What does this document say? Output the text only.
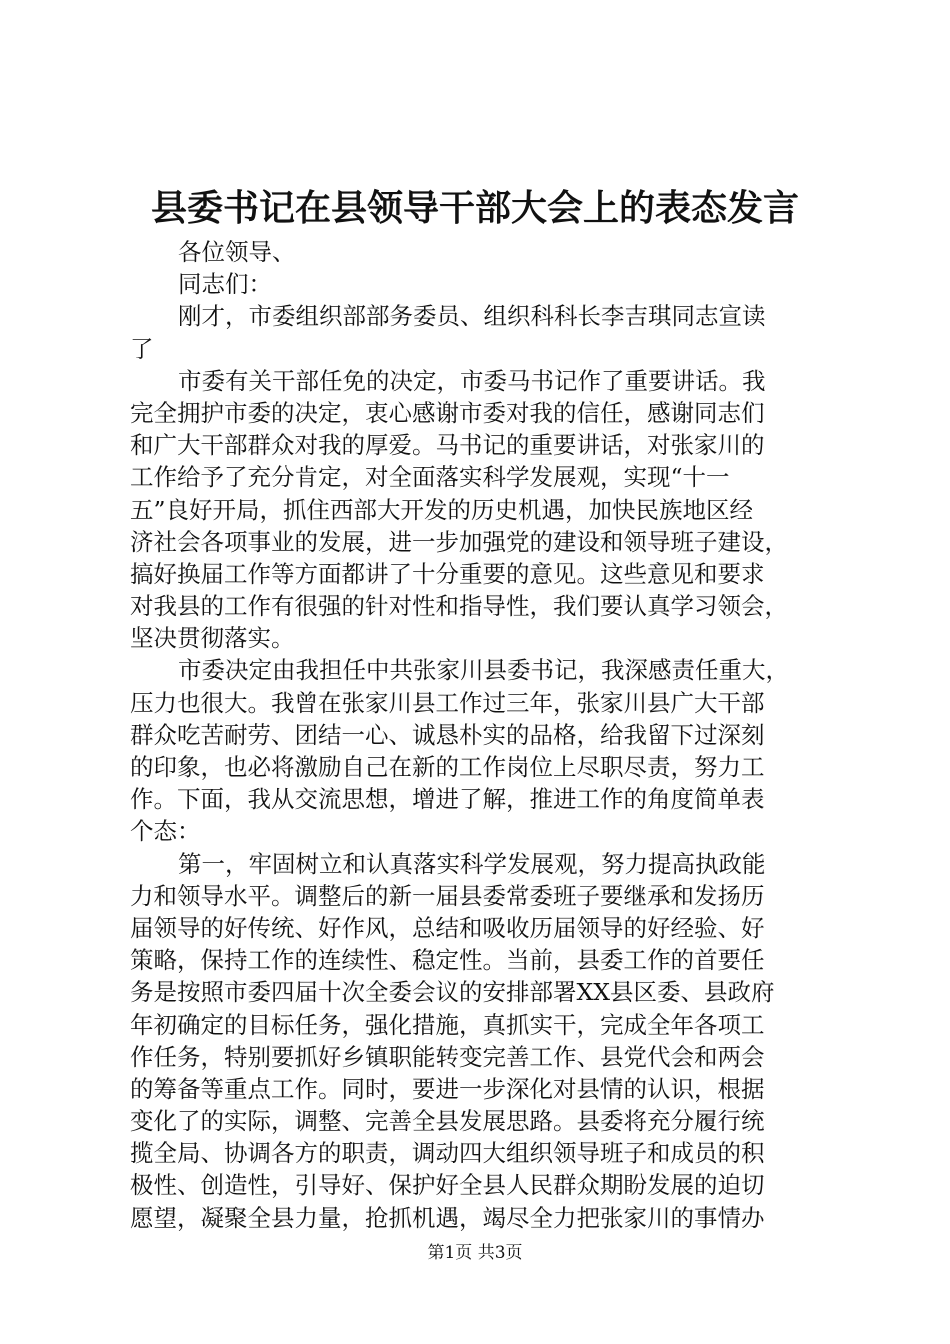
县委书记在县领导干部大会上的表态发言
各位领导、
同志们：
刚才，市委组织部部务委员、组织科科长李吉琪同志宣读
了
市委有关干部任免的决定，市委马书记作了重要讲话。我
完全拥护市委的决定，衷心感谢市委对我的信任，感谢同志们
和广大干部群众对我的厚爱。马书记的重要讲话，对张家川的
工作给予了充分肯定，对全面落实科学发展观，实现“十一
五”良好开局，抓住西部大开发的历史机遇，加快民族地区经
济社会各项事业的发展，进一步加强党的建设和领导班子建设，
搞好换届工作等方面都讲了十分重要的意见。这些意见和要求
对我县的工作有很强的针对性和指导性，我们要认真学习领会，
坚决贯彻落实。
市委决定由我担任中共张家川县委书记，我深感责任重大，
压力也很大。我曾在张家川县工作过三年，张家川县广大干部
群众吃苦耐劳、团结一心、诚恳朴实的品格，给我留下过深刻
的印象，也必将激励自己在新的工作岗位上尽职尽责，努力工
作。下面，我从交流思想，增进了解，推进工作的角度简单表
个态：
第一，牢固树立和认真落实科学发展观，努力提高执政能
力和领导水平。调整后的新一届县委常委班子要继承和发扬历
届领导的好传统、好作风，总结和吸收历届领导的好经验、好
策略，保持工作的连续性、稳定性。当前，县委工作的首要任
务是按照市委四届十次全委会议的安排部署XX县区委、县政府
年初确定的目标任务，强化措施，真抓实干，完成全年各项工
作任务，特别要抓好乡镇职能转变完善工作、县党代会和两会
的筹备等重点工作。同时，要进一步深化对县情的认识，根据
变化了的实际，调整、完善全县发展思路。县委将充分履行统
揽全局、协调各方的职责，调动四大组织领导班子和成员的积
极性、创造性，引导好、保护好全县人民群众期盼发展的迫切
愿望，凝聚全县力量，抢抓机遇，竭尽全力把张家川的事情办
第1页 共3页
